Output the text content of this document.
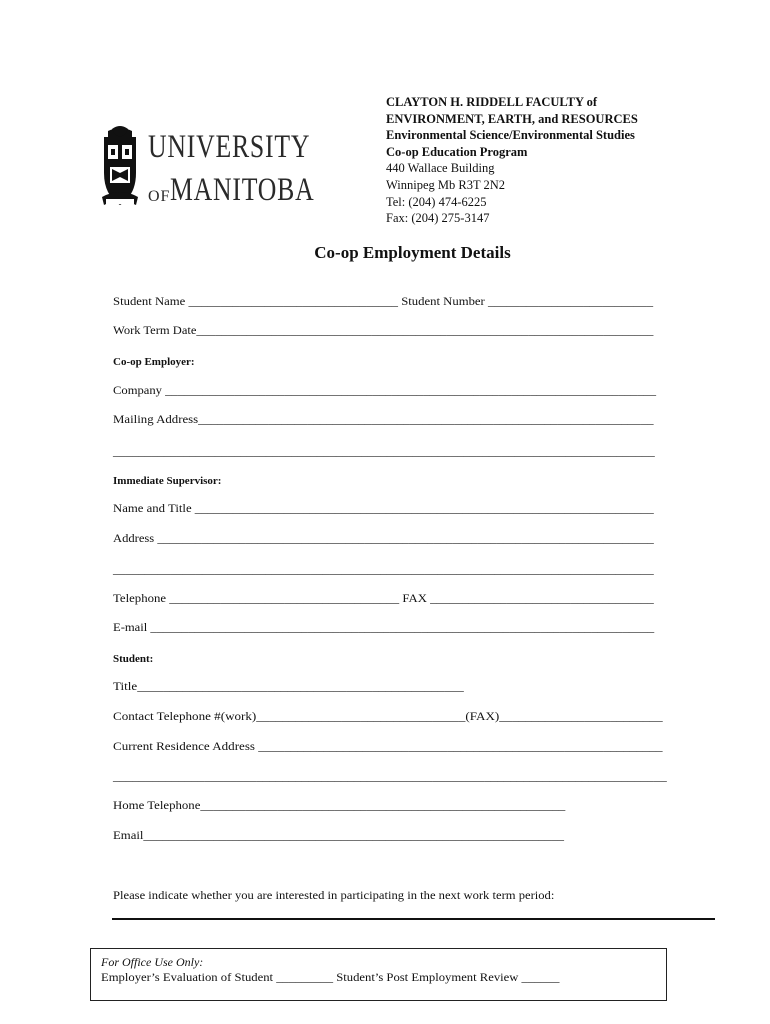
UNIVERSITY
OF MANITOBA
CLAYTON H. RIDDELL FACULTY of
ENVIRONMENT, EARTH, and RESOURCES
Environmental Science/Environmental Studies
Co-op Education Program
440 Wallace Building
Winnipeg Mb R3T 2N2
Tel: (204) 474-6225
Fax: (204) 275-3147
Co-op Employment Details
Student Name _________________________________ Student Number __________________________
Work Term Date_________________________________________________________________________
Co-op Employer:
Company ______________________________________________________________________________
Mailing Address_______________________________________________________________________
_____________________________________________________________________________________
Immediate Supervisor:
Name and Title ________________________________________________________________________
Address _______________________________________________________________________________
_____________________________________________________________________________________
Telephone ____________________________________ FAX ___________________________________
E-mail ________________________________________________________________________________
Student:
Title__________________________________________________
Contact Telephone #(work)________________________________(FAX)_________________________
Current Residence Address ______________________________________________________________
_____________________________________________________________________________________
Home Telephone_________________________________________________________
Email__________________________________________________________________
Please indicate whether you are interested in participating in the next work term period:
For Office Use Only:
Employer’s Evaluation of Student _________ Student’s Post Employment Review ______
